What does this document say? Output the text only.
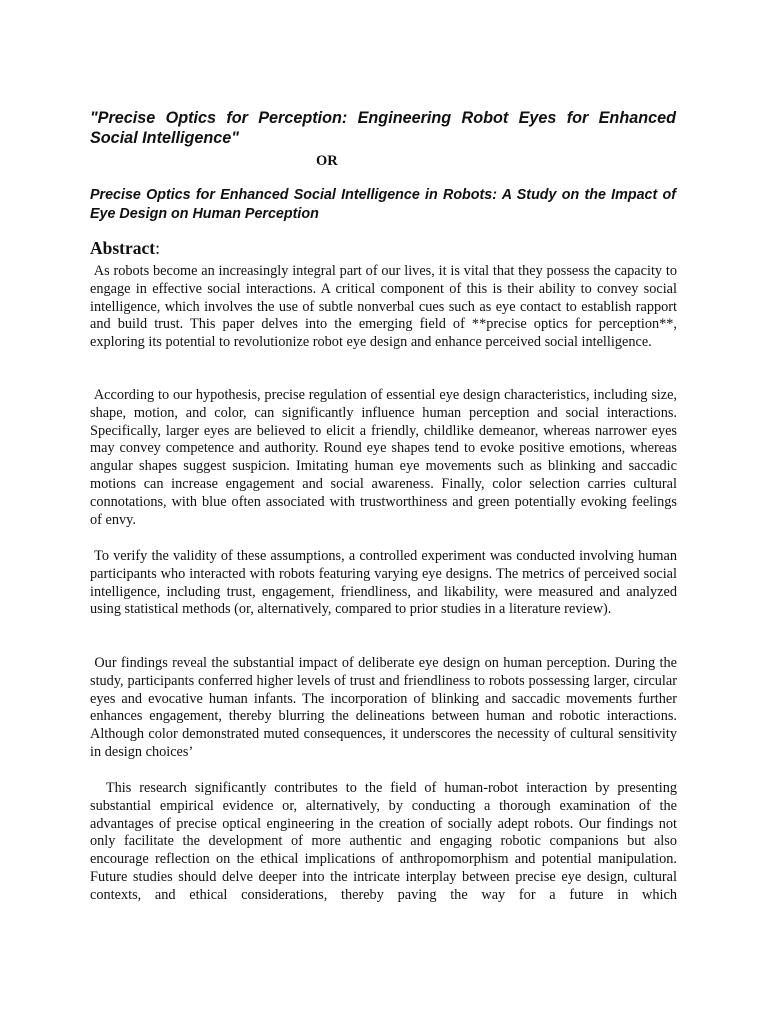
"Precise Optics for Perception: Engineering Robot Eyes for Enhanced Social Intelligence"

OR

Precise Optics for Enhanced Social Intelligence in Robots: A Study on the Impact of Eye Design on Human Perception
Abstract:

As robots become an increasingly integral part of our lives, it is vital that they possess the capacity to engage in effective social interactions. A critical component of this is their ability to convey social intelligence, which involves the use of subtle nonverbal cues such as eye contact to establish rapport and build trust. This paper delves into the emerging field of **precise optics for perception**, exploring its potential to revolutionize robot eye design and enhance perceived social intelligence.

According to our hypothesis, precise regulation of essential eye design characteristics, including size, shape, motion, and color, can significantly influence human perception and social interactions. Specifically, larger eyes are believed to elicit a friendly, childlike demeanor, whereas narrower eyes may convey competence and authority. Round eye shapes tend to evoke positive emotions, whereas angular shapes suggest suspicion. Imitating human eye movements such as blinking and saccadic motions can increase engagement and social awareness. Finally, color selection carries cultural connotations, with blue often associated with trustworthiness and green potentially evoking feelings of envy.

To verify the validity of these assumptions, a controlled experiment was conducted involving human participants who interacted with robots featuring varying eye designs. The metrics of perceived social intelligence, including trust, engagement, friendliness, and likability, were measured and analyzed using statistical methods (or, alternatively, compared to prior studies in a literature review).

Our findings reveal the substantial impact of deliberate eye design on human perception. During the study, participants conferred higher levels of trust and friendliness to robots possessing larger, circular eyes and evocative human infants. The incorporation of blinking and saccadic movements further enhances engagement, thereby blurring the delineations between human and robotic interactions. Although color demonstrated muted consequences, it underscores the necessity of cultural sensitivity in design choices’

This research significantly contributes to the field of human-robot interaction by presenting substantial empirical evidence or, alternatively, by conducting a thorough examination of the advantages of precise optical engineering in the creation of socially adept robots. Our findings not only facilitate the development of more authentic and engaging robotic companions but also encourage reflection on the ethical implications of anthropomorphism and potential manipulation. Future studies should delve deeper into the intricate interplay between precise eye design, cultural contexts, and ethical considerations, thereby paving the way for a future in which
